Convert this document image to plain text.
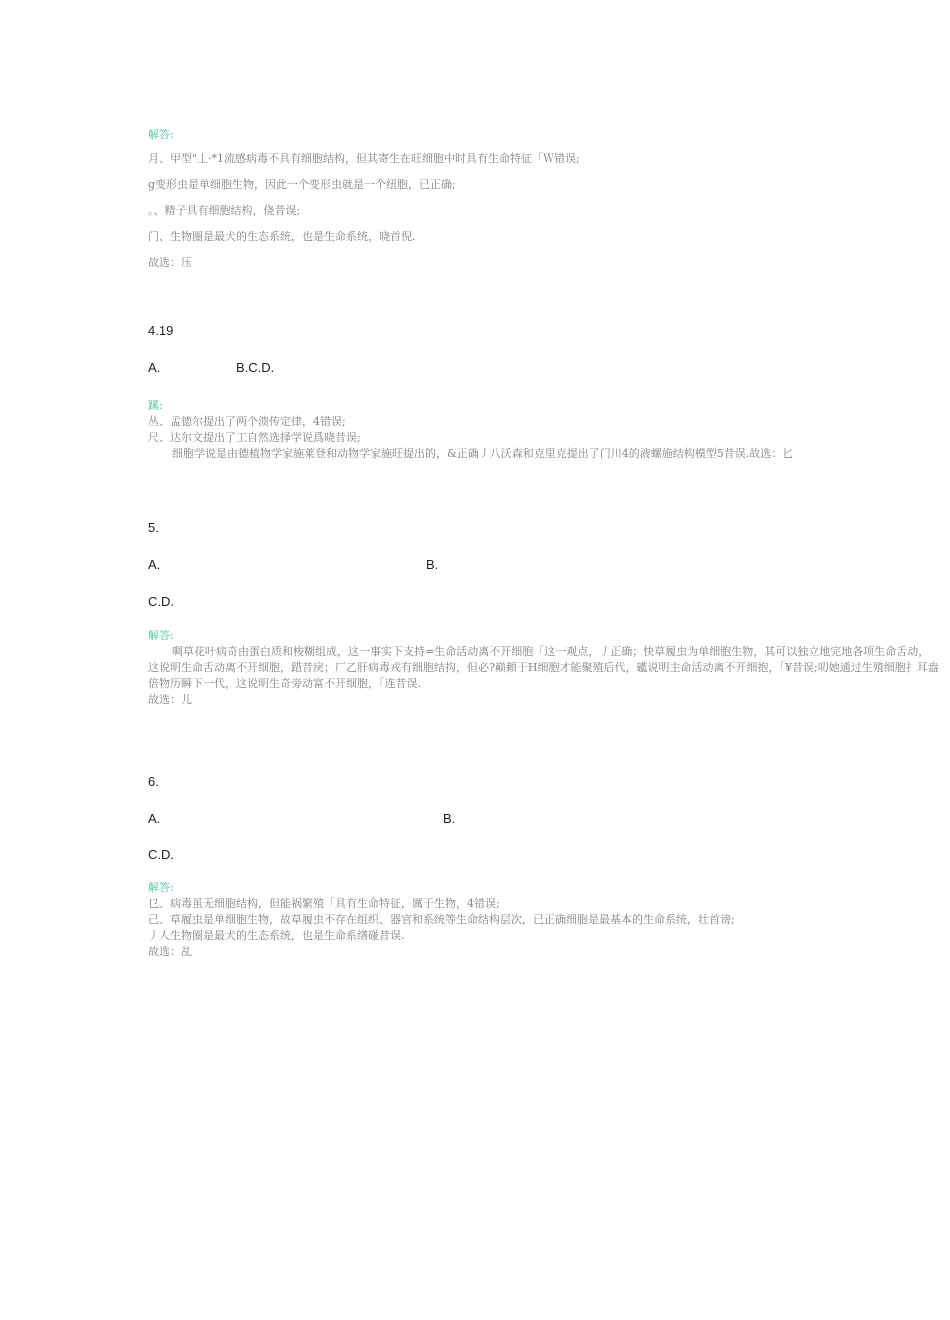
解答:
月、甲型"丄·*1流感病毒不具有细胞结构，但其寄生在旺细胞中时具有生命特征「Ｗ错误;
g变形虫是单细胞生物，因此一个变形虫就是一个纽胞，已正确;
。、精子具有细胞结构，侥昔误;
门、生物圈是最犬的生态系统，也是生命系统，晓首倪.
故选：压
4.19
A.	B.C.D.
蹊:
丛、孟德尔提出了两个溃传定律，4错误;
尺、达尔文提出了工自然选择学说爲晓昔误;
细胞学说是由德植物学家施莱登和动物学家施旺提出的，&正确丿八沃森和克里克提出了门川4的液螺施结构模型5昔误.故选：匕
5.
A.	B.
C.D.
解答:
啁草花叶病奇由蛋白质和梭糊组成，这一事实下支持=生命活动离不开细胞「这一观点，丿正确；快草履虫为单细胞生物，其可以独立地完地各项生命舌动，这说明生命舌动离不开细胞，踖昔戾；厂乙肝病毒戎有细胞结抅，但必?巅頼于H细胞才能聚殖后代，礷说明主命活动离不开细抱，「¥昔误;叨她通过生殖细胞扌耳盎倍物历瞬下一代，这说明生奇旁动富不开细胞，「连昔误.
故选：儿
6.
A.	B.
C.D.
解答:
㔾、病毒虽无细胞结构，但能祸繁殖「具有生命特征，厲于生物，4错误;
己、草履虫是单细胞生物，故草履虫不存在组织、器官和系统等生命结构层次，已正确细胞是最基本的生命系统，壮首谤;
丿人生物圈是最犬的生态系统，也是生命系缮碰昔误.
故选：乩
